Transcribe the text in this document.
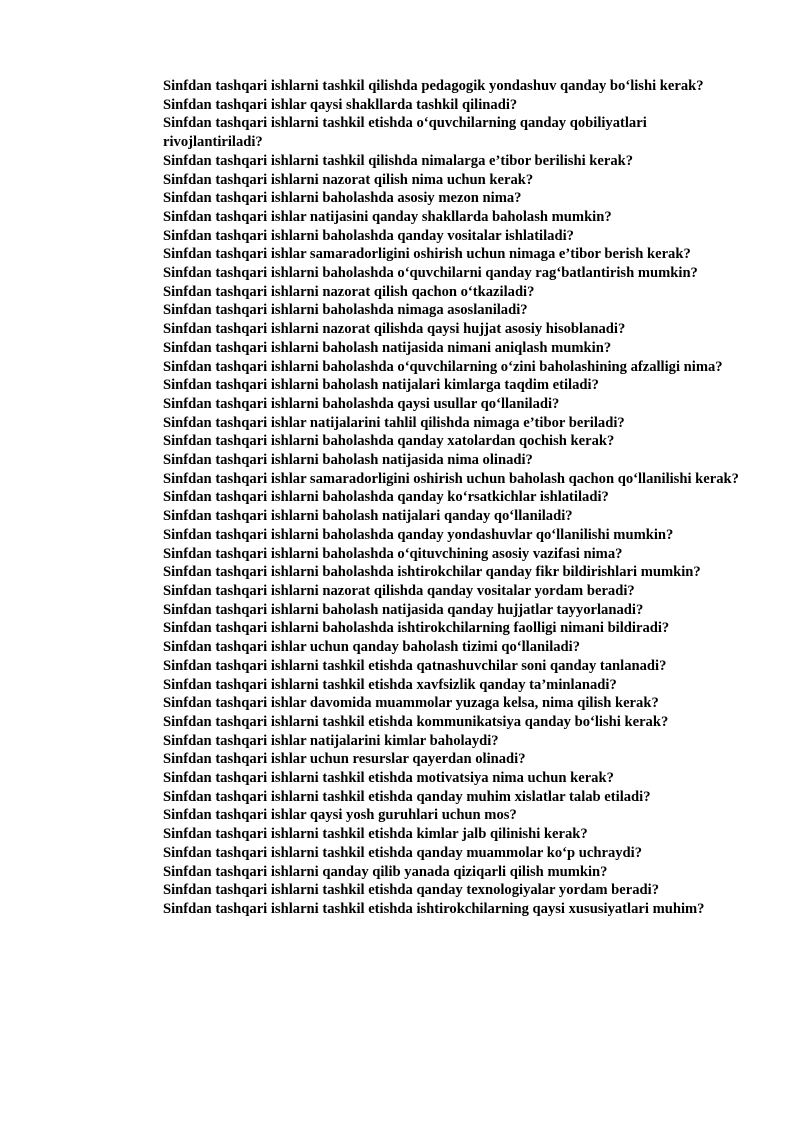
Sinfdan tashqari ishlarni tashkil qilishda pedagogik yondashuv qanday bo‘lishi kerak?

Sinfdan tashqari ishlar qaysi shakllarda tashkil qilinadi?

Sinfdan tashqari ishlarni tashkil etishda o‘quvchilarning qanday qobiliyatlari rivojlantiriladi?

Sinfdan tashqari ishlarni tashkil qilishda nimalarga e’tibor berilishi kerak?

Sinfdan tashqari ishlarni nazorat qilish nima uchun kerak?

Sinfdan tashqari ishlarni baholashda asosiy mezon nima?

Sinfdan tashqari ishlar natijasini qanday shakllarda baholash mumkin?

Sinfdan tashqari ishlarni baholashda qanday vositalar ishlatiladi?

Sinfdan tashqari ishlar samaradorligini oshirish uchun nimaga e’tibor berish kerak?

Sinfdan tashqari ishlarni baholashda o‘quvchilarni qanday rag‘batlantirish mumkin?

Sinfdan tashqari ishlarni nazorat qilish qachon o‘tkaziladi?

Sinfdan tashqari ishlarni baholashda nimaga asoslaniladi?

Sinfdan tashqari ishlarni nazorat qilishda qaysi hujjat asosiy hisoblanadi?

Sinfdan tashqari ishlarni baholash natijasida nimani aniqlash mumkin?

Sinfdan tashqari ishlarni baholashda o‘quvchilarning o‘zini baholashining afzalligi nima?

Sinfdan tashqari ishlarni baholash natijalari kimlarga taqdim etiladi?

Sinfdan tashqari ishlarni baholashda qaysi usullar qo‘llaniladi?

Sinfdan tashqari ishlar natijalarini tahlil qilishda nimaga e’tibor beriladi?

Sinfdan tashqari ishlarni baholashda qanday xatolardan qochish kerak?

Sinfdan tashqari ishlarni baholash natijasida nima olinadi?

Sinfdan tashqari ishlar samaradorligini oshirish uchun baholash qachon qo‘llanilishi kerak?

Sinfdan tashqari ishlarni baholashda qanday ko‘rsatkichlar ishlatiladi?

Sinfdan tashqari ishlarni baholash natijalari qanday qo‘llaniladi?

Sinfdan tashqari ishlarni baholashda qanday yondashuvlar qo‘llanilishi mumkin?

Sinfdan tashqari ishlarni baholashda o‘qituvchining asosiy vazifasi nima?

Sinfdan tashqari ishlarni baholashda ishtirokchilar qanday fikr bildirishlari mumkin?

Sinfdan tashqari ishlarni nazorat qilishda qanday vositalar yordam beradi?

Sinfdan tashqari ishlarni baholash natijasida qanday hujjatlar tayyorlanadi?

Sinfdan tashqari ishlarni baholashda ishtirokchilarning faolligi nimani bildiradi?

Sinfdan tashqari ishlar uchun qanday baholash tizimi qo‘llaniladi?

Sinfdan tashqari ishlarni tashkil etishda qatnashuvchilar soni qanday tanlanadi?

Sinfdan tashqari ishlarni tashkil etishda xavfsizlik qanday ta’minlanadi?

Sinfdan tashqari ishlar davomida muammolar yuzaga kelsa, nima qilish kerak?

Sinfdan tashqari ishlarni tashkil etishda kommunikatsiya qanday bo‘lishi kerak?

Sinfdan tashqari ishlar natijalarini kimlar baholaydi?

Sinfdan tashqari ishlar uchun resurslar qayerdan olinadi?

Sinfdan tashqari ishlarni tashkil etishda motivatsiya nima uchun kerak?

Sinfdan tashqari ishlarni tashkil etishda qanday muhim xislatlar talab etiladi?

Sinfdan tashqari ishlar qaysi yosh guruhlari uchun mos?

Sinfdan tashqari ishlarni tashkil etishda kimlar jalb qilinishi kerak?

Sinfdan tashqari ishlarni tashkil etishda qanday muammolar ko‘p uchraydi?

Sinfdan tashqari ishlarni qanday qilib yanada qiziqarli qilish mumkin?

Sinfdan tashqari ishlarni tashkil etishda qanday texnologiyalar yordam beradi?

Sinfdan tashqari ishlarni tashkil etishda ishtirokchilarning qaysi xususiyatlari muhim?
